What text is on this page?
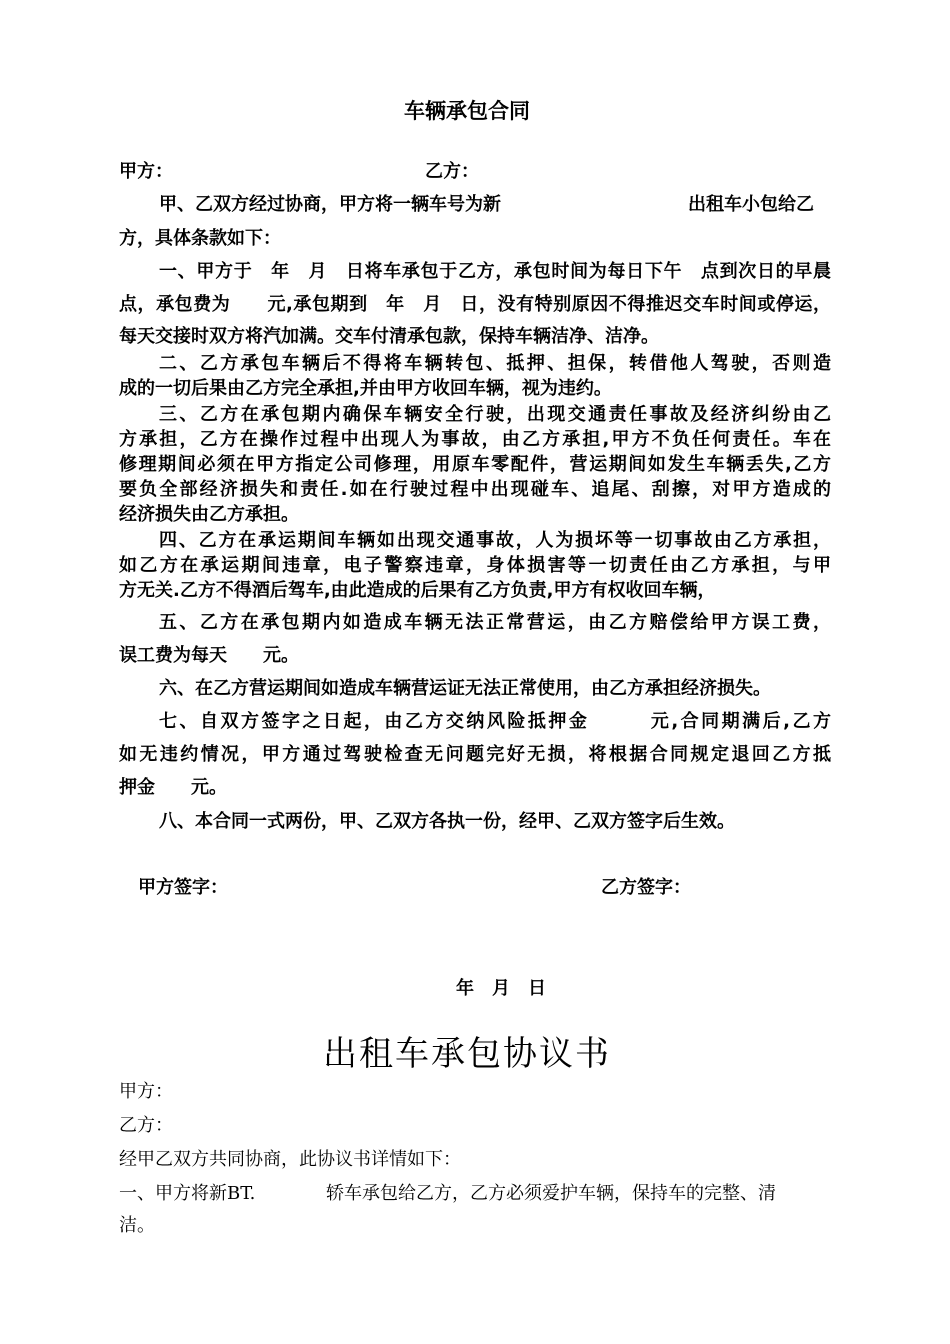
车辆承包合同
甲方：	乙方：
甲、乙双方经过协商，甲方将一辆车号为新	出租车小包给乙
方，具体条款如下：
一、甲方于　年　月　日将车承包于乙方，承包时间为每日下午　点到次日的早晨
点，承包费为　　元,承包期到　年　月　日，没有特别原因不得推迟交车时间或停运，
每天交接时双方将汽加满。交车付清承包款，保持车辆洁净、洁净。
二、乙方承包车辆后不得将车辆转包、抵押、担保，转借他人驾驶，否则造
成的一切后果由乙方完全承担,并由甲方收回车辆，视为违约。
三、乙方在承包期内确保车辆安全行驶，出现交通责任事故及经济纠纷由乙
方承担，乙方在操作过程中出现人为事故，由乙方承担,甲方不负任何责任。车在
修理期间必须在甲方指定公司修理，用原车零配件，营运期间如发生车辆丢失,乙方
要负全部经济损失和责任.如在行驶过程中出现碰车、追尾、刮擦，对甲方造成的
经济损失由乙方承担。
四、乙方在承运期间车辆如出现交通事故，人为损坏等一切事故由乙方承担，
如乙方在承运期间违章，电子警察违章，身体损害等一切责任由乙方承担，与甲
方无关.乙方不得酒后驾车,由此造成的后果有乙方负责,甲方有权收回车辆，
五、乙方在承包期内如造成车辆无法正常营运，由乙方赔偿给甲方误工费，
误工费为每天　　元。
六、在乙方营运期间如造成车辆营运证无法正常使用，由乙方承担经济损失。
七、自双方签字之日起，由乙方交纳风险抵押金　　　元,合同期满后,乙方
如无违约情况，甲方通过驾驶检查无问题完好无损，将根据合同规定退回乙方抵
押金　　元。
八、本合同一式两份，甲、乙双方各执一份，经甲、乙双方签字后生效。
甲方签字：	乙方签字：
年　月　日
出租车承包协议书
甲方：
乙方：
经甲乙双方共同协商，此协议书详情如下：
一、甲方将新BT.	轿车承包给乙方，乙方必须爱护车辆，保持车的完整、清
洁。
